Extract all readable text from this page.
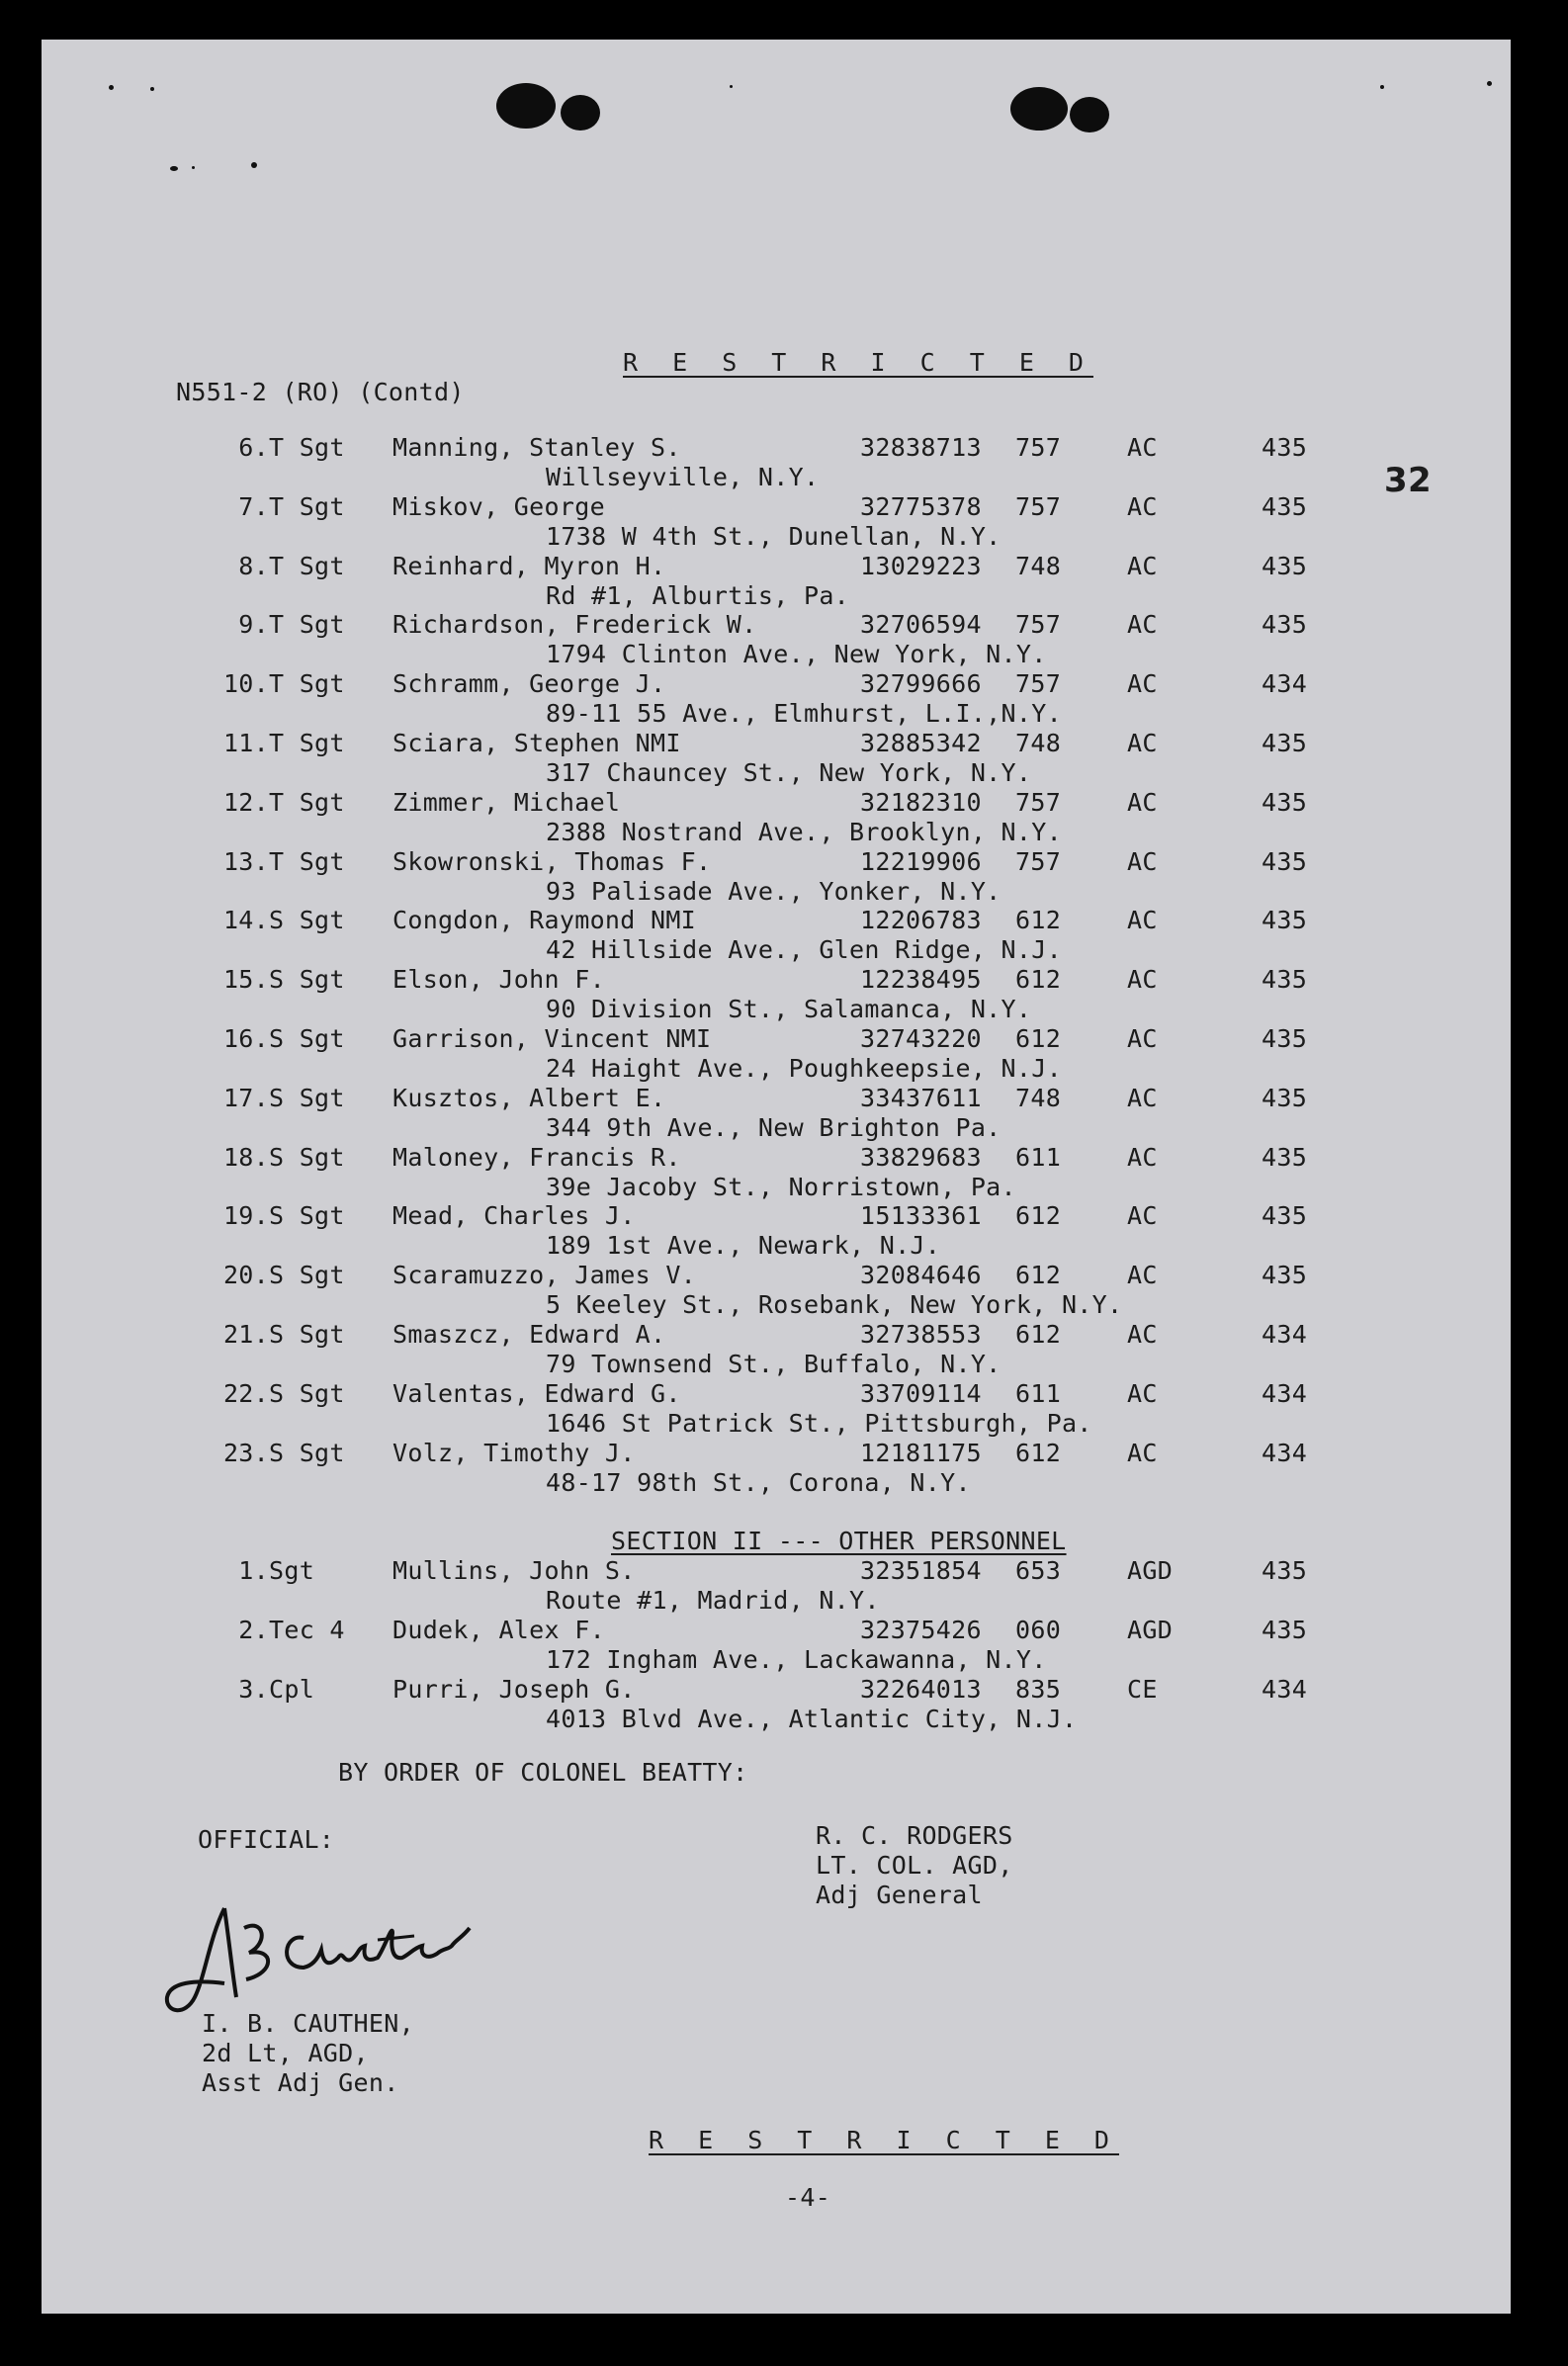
R E S T R I C T E D
N551-2 (RO) (Contd)
32
6. T Sgt Manning, Stanley S.	32838713 757	AC	435
Willseyville, N.Y.
7. T Sgt Miskov, George	32775378 757	AC	435
1738 W 4th St., Dunellan, N.Y.
8. T Sgt Reinhard, Myron H.	13029223 748	AC	435
Rd #1, Alburtis, Pa.
9. T Sgt Richardson, Frederick W.	32706594 757	AC	435
1794 Clinton Ave., New York, N.Y.
10. T Sgt Schramm, George J.	32799666 757	AC	434
89-11 55 Ave., Elmhurst, L.I.,N.Y.
11. T Sgt Sciara, Stephen NMI	32885342 748	AC	435
317 Chauncey St., New York, N.Y.
12. T Sgt Zimmer, Michael	32182310 757	AC	435
2388 Nostrand Ave., Brooklyn, N.Y.
13. T Sgt Skowronski, Thomas F.	12219906 757	AC	435
93 Palisade Ave., Yonker, N.Y.
14. S Sgt Congdon, Raymond NMI	12206783 612	AC	435
42 Hillside Ave., Glen Ridge, N.J.
15. S Sgt Elson, John F.	12238495 612	AC	435
90 Division St., Salamanca, N.Y.
16. S Sgt Garrison, Vincent NMI	32743220 612	AC	435
24 Haight Ave., Poughkeepsie, N.J.
17. S Sgt Kusztos, Albert E.	33437611 748	AC	435
344 9th Ave., New Brighton Pa.
18. S Sgt Maloney, Francis R.	33829683 611	AC	435
39e Jacoby St., Norristown, Pa.
19. S Sgt Mead, Charles J.	15133361 612	AC	435
189 1st Ave., Newark, N.J.
20. S Sgt Scaramuzzo, James V.	32084646 612	AC	435
5 Keeley St., Rosebank, New York, N.Y.
21. S Sgt Smaszcz, Edward A.	32738553 612	AC	434
79 Townsend St., Buffalo, N.Y.
22. S Sgt Valentas, Edward G.	33709114 611	AC	434
1646 St Patrick St., Pittsburgh, Pa.
23. S Sgt Volz, Timothy J.	12181175 612	AC	434
48-17 98th St., Corona, N.Y.
SECTION II --- OTHER PERSONNEL
1. Sgt	Mullins, John S.	32351854 653	AGD	435
Route #1, Madrid, N.Y.
2. Tec 4 Dudek, Alex F.	32375426 060	AGD	435
172 Ingham Ave., Lackawanna, N.Y.
3. Cpl	Purri, Joseph G.	32264013 835	CE	434
4013 Blvd Ave., Atlantic City, N.J.
BY ORDER OF COLONEL BEATTY:
OFFICIAL:	R. C. RODGERS
LT. COL. AGD,
Adj General
I. B. CAUTHEN,
2d Lt, AGD,
Asst Adj Gen.
R E S T R I C T E D
-4-
